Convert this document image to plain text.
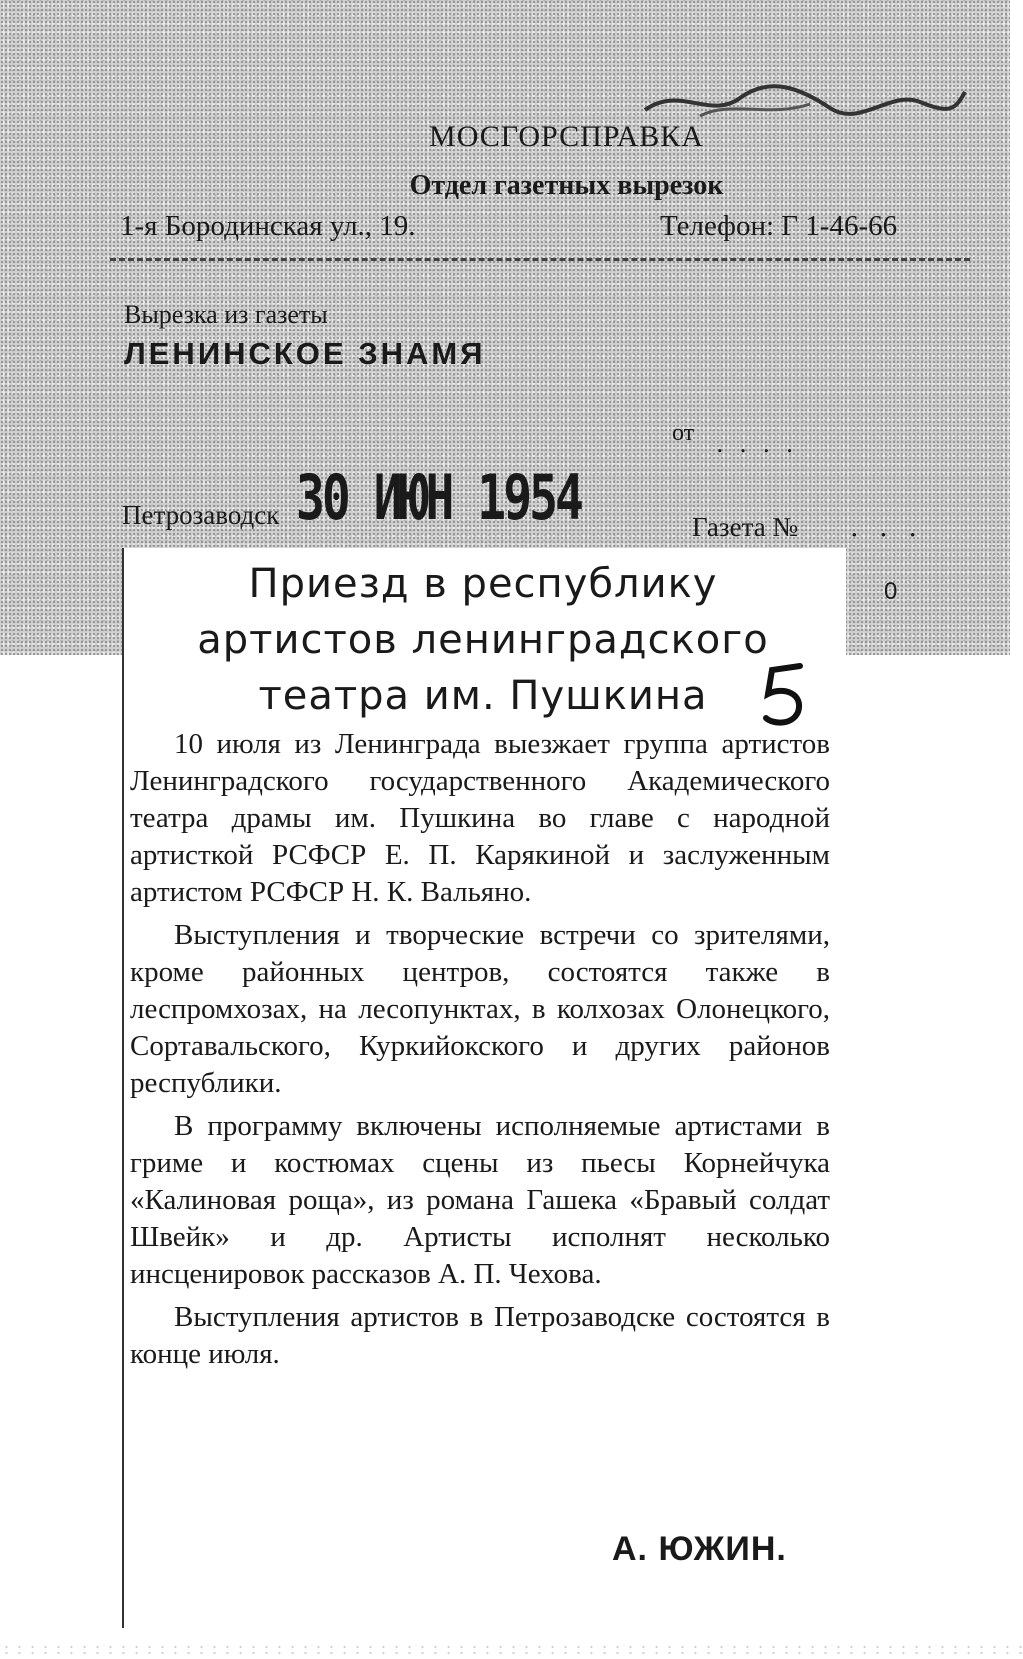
МОСГОРСПРАВКА
Отдел газетных вырезок
1-я Бородинская ул., 19.	Телефон: Г 1-46-66
Вырезка из газеты
ЛЕНИНСКОЕ ЗНАМЯ
от . . . .
30 ИЮН 1954
Петрозаводск	Газета № . . .
0
Приезд в республику
артистов ленинградского
театра им. Пушкина

10 июля из Ленинграда выезжает группа артистов Ленинградского государственного Академического театра драмы им. Пушкина во главе с народной артисткой РСФСР Е. П. Карякиной и заслуженным артистом РСФСР Н. К. Вальяно.

Выступления и творческие встречи со зрителями, кроме районных центров, состоятся также в леспромхозах, на лесопунктах, в колхозах Олонецкого, Сортавальского, Куркийокского и других районов республики.

В программу включены исполняемые артистами в гриме и костюмах сцены из пьесы Корнейчука «Калиновая роща», из романа Гашека «Бравый солдат Швейк» и др. Артисты исполнят несколько инсценировок рассказов А. П. Чехова.

Выступления артистов в Петрозаводске состоятся в конце июля.

А. ЮЖИН.
